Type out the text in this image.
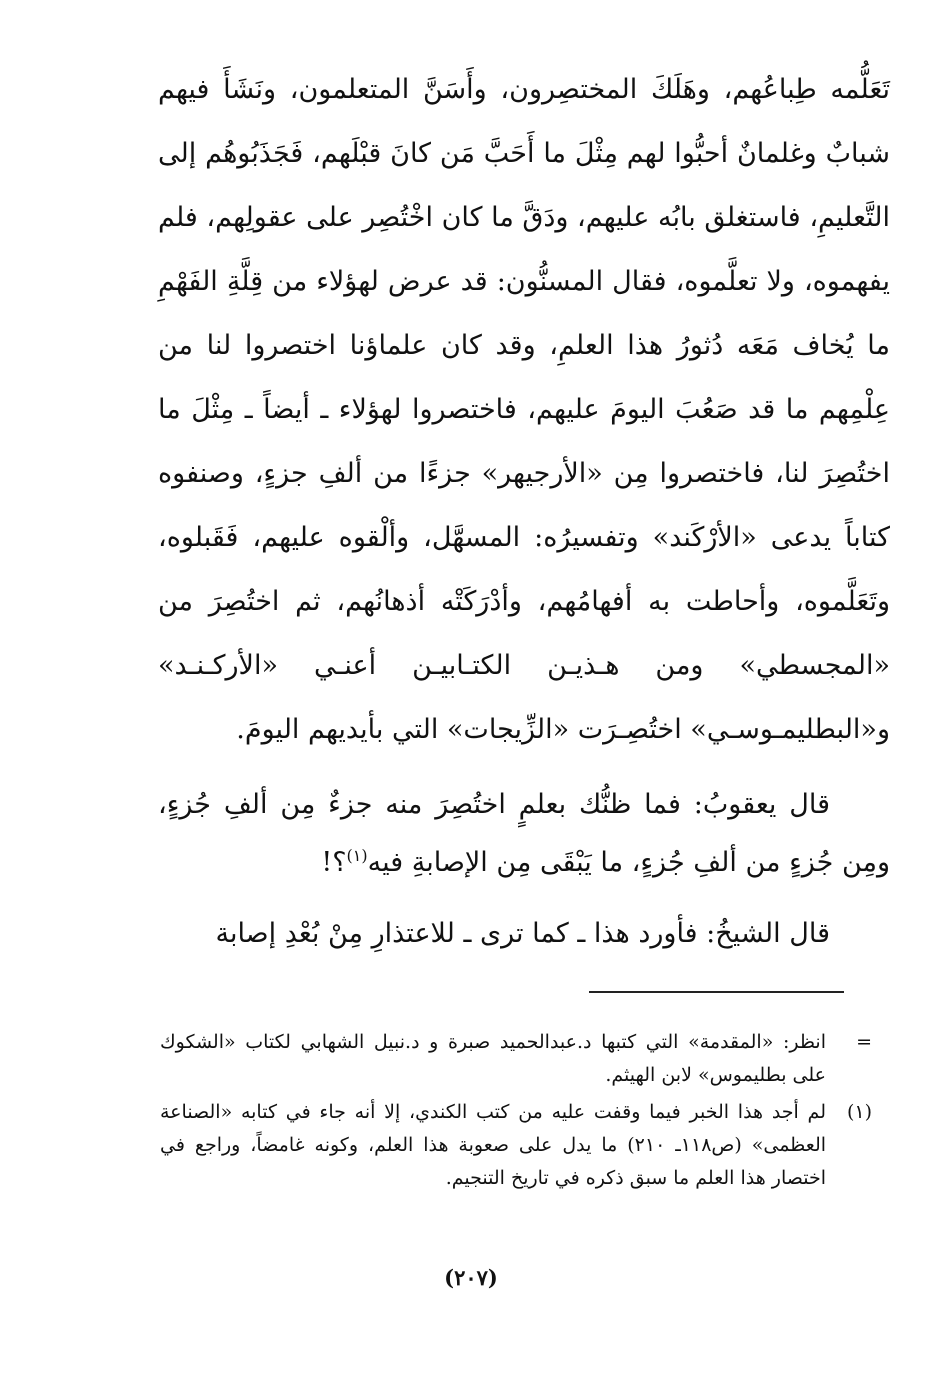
تَعَلُّمه طِباعُهم، وهَلَكَ المختصِرون، وأَسَنَّ المتعلمون، ونَشَأَ فيهم شبابٌ وغلمانٌ أحبُّوا لهم مِثْلَ ما أَحَبَّ مَن كانَ قبْلَهم، فَجَذَبُوهُم إلى التَّعليمِ، فاستغلق بابُه عليهم، ودَقَّ ما كان اخْتُصِر على عقولِهم، فلم يفهموه، ولا تعلَّموه، فقال المسنُّون: قد عرض لهؤلاء من قِلَّةِ الفَهْمِ ما يُخاف مَعَه دُثورُ هذا العلمِ، وقد كان علماؤنا اختصروا لنا من عِلْمِهم ما قد صَعُبَ اليومَ عليهم، فاختصروا لهؤلاء ـ أيضاً ـ مِثْلَ ما اختُصِرَ لنا، فاختصروا مِن «الأرجيهر» جزءًا من ألفِ جزءٍ، وصنفوه كتاباً يدعى «الأرْكَند» وتفسيرُه: المسهَّل، وألْقوه عليهم، فَقَبلوه، وتَعَلَّموه، وأحاطت به أفهامُهم، وأدْرَكَتْه أذهانُهم، ثم اختُصِرَ من «المجسطي» ومن هـذيـن الكتـابيـن أعنـي «الأركـنـد» و«البطليمـوسـي» اختُصِـرَت «الزِّيجات» التي بأيديهم اليومَ.

قال يعقوبُ: فما ظنُّك بعلمٍ اختُصِرَ منه جزءٌ مِن ألفِ جُزءٍ، ومِن جُزءٍ من ألفِ جُزءٍ، ما يَبْقَى مِن الإصابةِ فيه$^{(١)}$؟!

قال الشيخُ: فأورد هذا ـ كما ترى ـ للاعتذارِ مِنْ بُعْدِ إصابة

=
انظر: «المقدمة» التي كتبها د.عبدالحميد صبرة و د.نبيل الشهابي لكتاب «الشكوك على بطليموس» لابن الهيثم.
(١)
لم أجد هذا الخبر فيما وقفت عليه من كتب الكندي، إلا أنه جاء في كتابه «الصناعة العظمى» (ص١١٨ـ ٢١٠) ما يدل على صعوبة هذا العلم، وكونه غامضاً، وراجع في اختصار هذا العلم ما سبق ذكره في تاريخ التنجيم.
(٢٠٧)
